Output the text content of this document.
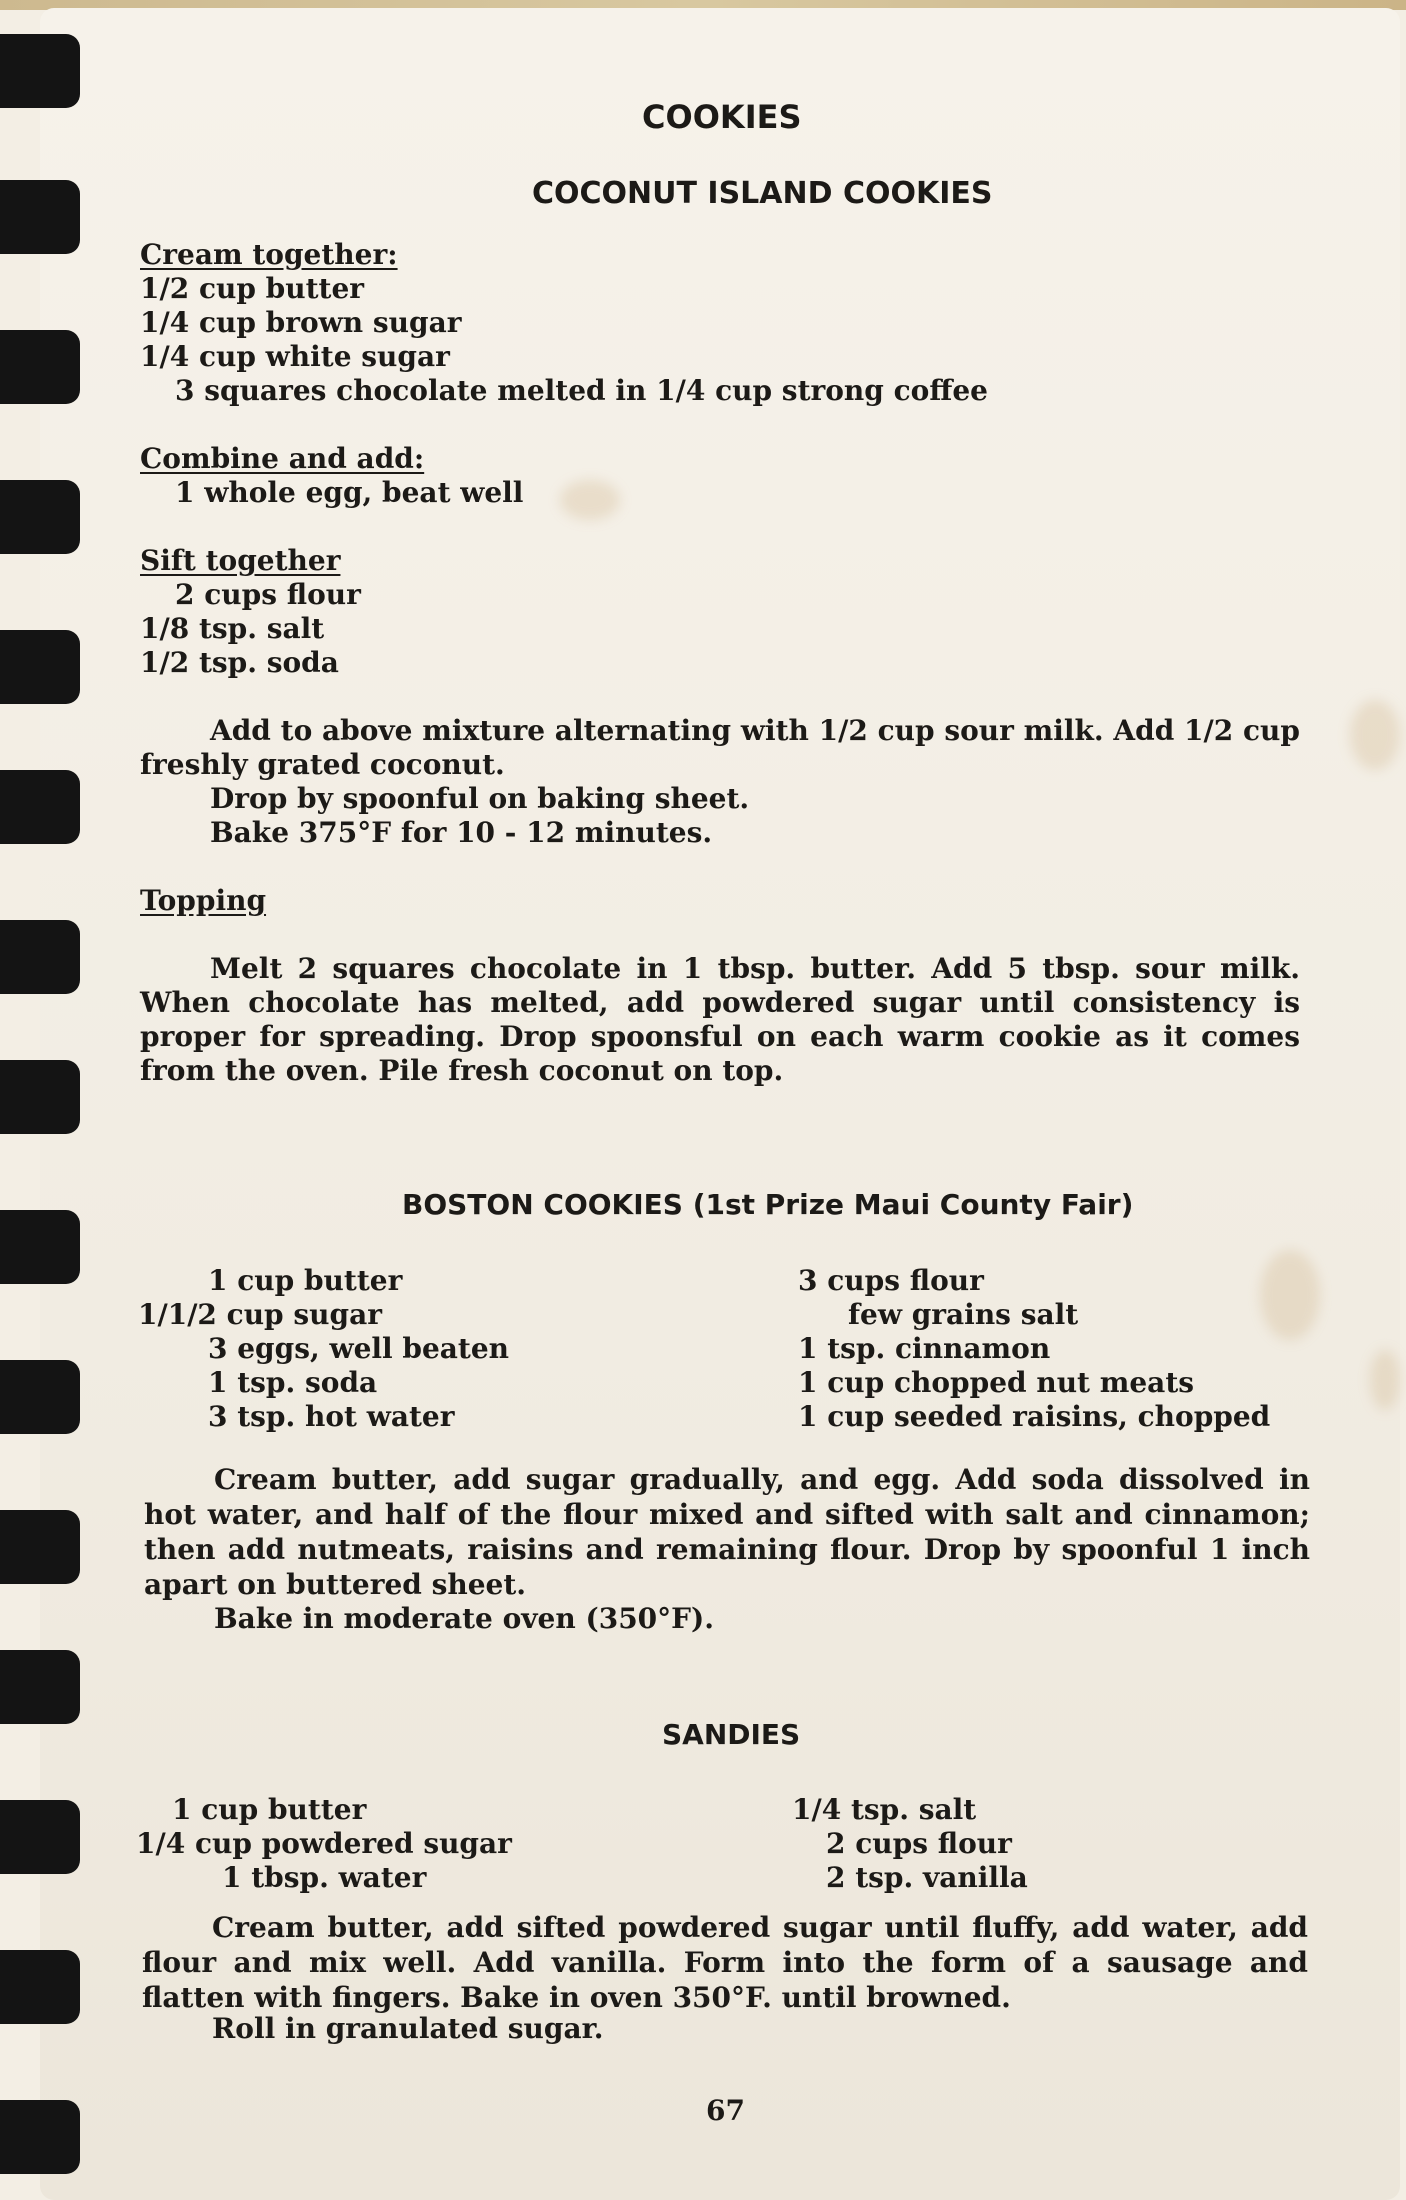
COOKIES
COCONUT ISLAND COOKIES
Cream together:
1/2 cup butter
1/4 cup brown sugar
1/4 cup white sugar
3 squares chocolate melted in 1/4 cup strong coffee
Combine and add:
1 whole egg, beat well
Sift together
2 cups flour
1/8 tsp. salt
1/2 tsp. soda
Add to above mixture alternating with 1/2 cup sour milk. Add 1/2 cup freshly grated coconut.
Drop by spoonful on baking sheet.
Bake 375°F for 10 - 12 minutes.
Topping
Melt 2 squares chocolate in 1 tbsp. butter. Add 5 tbsp. sour milk. When chocolate has melted, add powdered sugar until consistency is proper for spreading. Drop spoonsful on each warm cookie as it comes from the oven. Pile fresh coconut on top.
BOSTON COOKIES (1st Prize Maui County Fair)
1 cup butter
1/1/2 cup sugar
3 eggs, well beaten
1 tsp. soda
3 tsp. hot water
3 cups flour
few grains salt
1 tsp. cinnamon
1 cup chopped nut meats
1 cup seeded raisins, chopped
Cream butter, add sugar gradually, and egg. Add soda dissolved in hot water, and half of the flour mixed and sifted with salt and cinnamon; then add nutmeats, raisins and remaining flour. Drop by spoonful 1 inch apart on buttered sheet.
Bake in moderate oven (350°F).
SANDIES
1 cup butter
1/4 cup powdered sugar
1 tbsp. water
1/4 tsp. salt
2 cups flour
2 tsp. vanilla
Cream butter, add sifted powdered sugar until fluffy, add water, add flour and mix well. Add vanilla. Form into the form of a sausage and flatten with fingers. Bake in oven 350°F. until browned.
Roll in granulated sugar.
67
